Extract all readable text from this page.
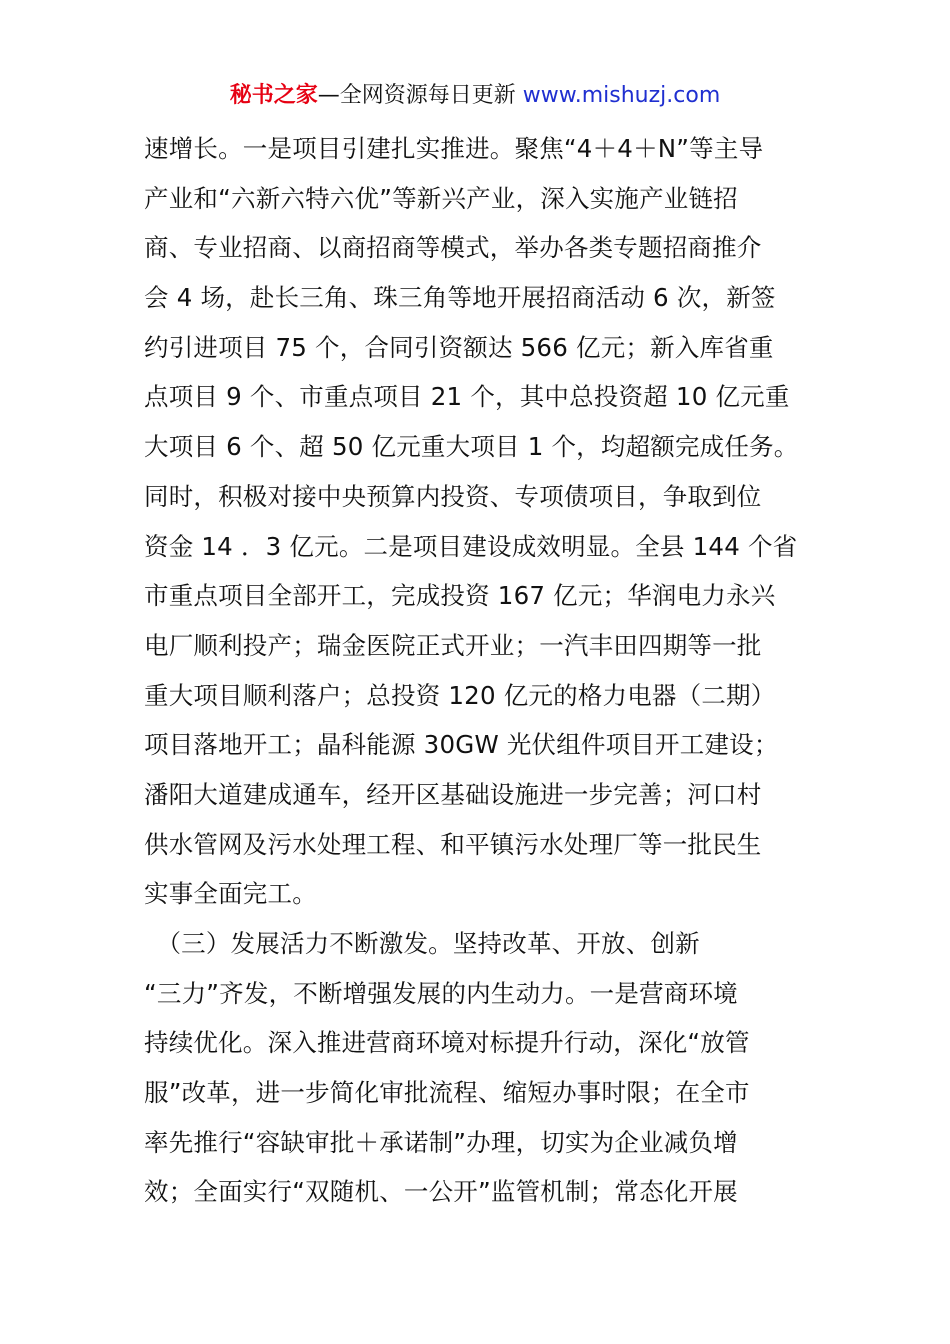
秘书之家—全网资源每日更新 www.mishuzj.com
速增长。一是项目引建扎实推进。聚焦“4＋4＋N”等主导
产业和“六新六特六优”等新兴产业，深入实施产业链招
商、专业招商、以商招商等模式，举办各类专题招商推介
会 4 场，赴长三角、珠三角等地开展招商活动 6 次，新签
约引进项目 75 个，合同引资额达 566 亿元；新入库省重
点项目 9 个、市重点项目 21 个，其中总投资超 10 亿元重
大项目 6 个、超 50 亿元重大项目 1 个，均超额完成任务。
同时，积极对接中央预算内投资、专项债项目，争取到位
资金 14 ．3 亿元。二是项目建设成效明显。全县 144 个省
市重点项目全部开工，完成投资 167 亿元；华润电力永兴
电厂顺利投产；瑞金医院正式开业；一汽丰田四期等一批
重大项目顺利落户；总投资 120 亿元的格力电器（二期）
项目落地开工；晶科能源 30GW 光伏组件项目开工建设；
潘阳大道建成通车，经开区基础设施进一步完善；河口村
供水管网及污水处理工程、和平镇污水处理厂等一批民生
实事全面完工。
　（三）发展活力不断激发。坚持改革、开放、创新
“三力”齐发，不断增强发展的内生动力。一是营商环境
持续优化。深入推进营商环境对标提升行动，深化“放管
服”改革，进一步简化审批流程、缩短办事时限；在全市
率先推行“容缺审批＋承诺制”办理，切实为企业减负增
效；全面实行“双随机、一公开”监管机制；常态化开展
